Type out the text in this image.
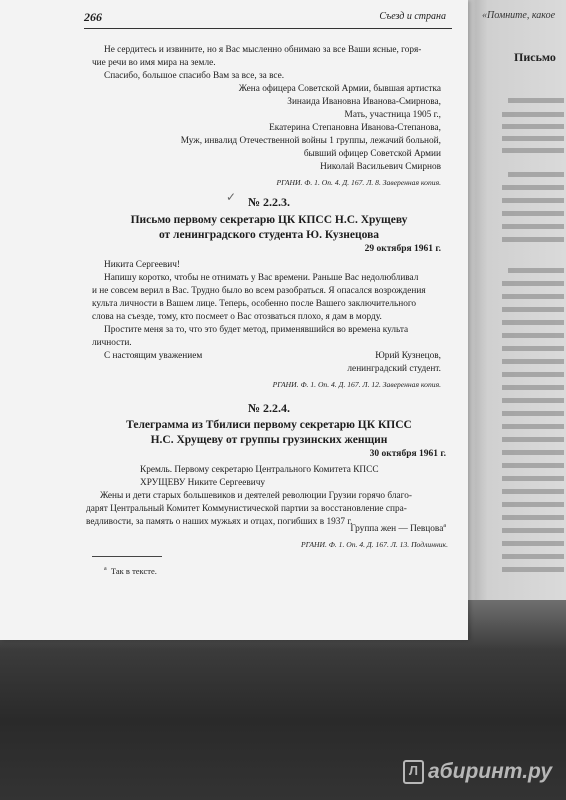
«Помните, какое
Письмо
266	Съезд и страна
Не сердитесь и извините, но я Вас мысленно обнимаю за все Ваши ясные, горя-
чие речи во имя мира на земле.
Спасибо, большое спасибо Вам за все, за все.
Жена офицера Советской Армии, бывшая артистка
Зинаида Ивановна Иванова-Смирнова,
Мать, участница 1905 г.,
Екатерина Степановна Иванова-Степанова,
Муж, инвалид Отечественной войны 1 группы, лежачий больной,
бывший офицер Советской Армии
Николай Васильевич Смирнов
РГАНИ. Ф. 1. Оп. 4. Д. 167. Л. 8. Заверенная копия.
✓ № 2.2.3.
Письмо первому секретарю ЦК КПСС Н.С. Хрущеву
от ленинградского студента Ю. Кузнецова
29 октября 1961 г.
Никита Сергеевич!
Напишу коротко, чтобы не отнимать у Вас времени. Раньше Вас недолюбливал
и не совсем верил в Вас. Трудно было во всем разобраться. Я опасался возрождения
культа личности в Вашем лице. Теперь, особенно после Вашего заключительного
слова на съезде, тому, кто посмеет о Вас отозваться плохо, я дам в морду.
Простите меня за то, что это будет метод, применявшийся во времена культа
личности.
С настоящим уважением	Юрий Кузнецов,
ленинградский студент.
РГАНИ. Ф. 1. Оп. 4. Д. 167. Л. 12. Заверенная копия.
№ 2.2.4.
Телеграмма из Тбилиси первому секретарю ЦК КПСС
Н.С. Хрущеву от группы грузинских женщин
30 октября 1961 г.
Кремль. Первому секретарю Центрального Комитета КПСС
ХРУЩЕВУ Никите Сергеевичу
Жены и дети старых большевиков и деятелей революции Грузии горячо благо-
дарят Центральный Комитет Коммунистической партии за восстановление спра-
ведливости, за память о наших мужьях и отцах, погибших в 1937 г.
Группа жен — Певцова$^а$
РГАНИ. Ф. 1. Оп. 4. Д. 167. Л. 13. Подлинник.
$^а$ Так в тексте.
Л абиринт.ру
